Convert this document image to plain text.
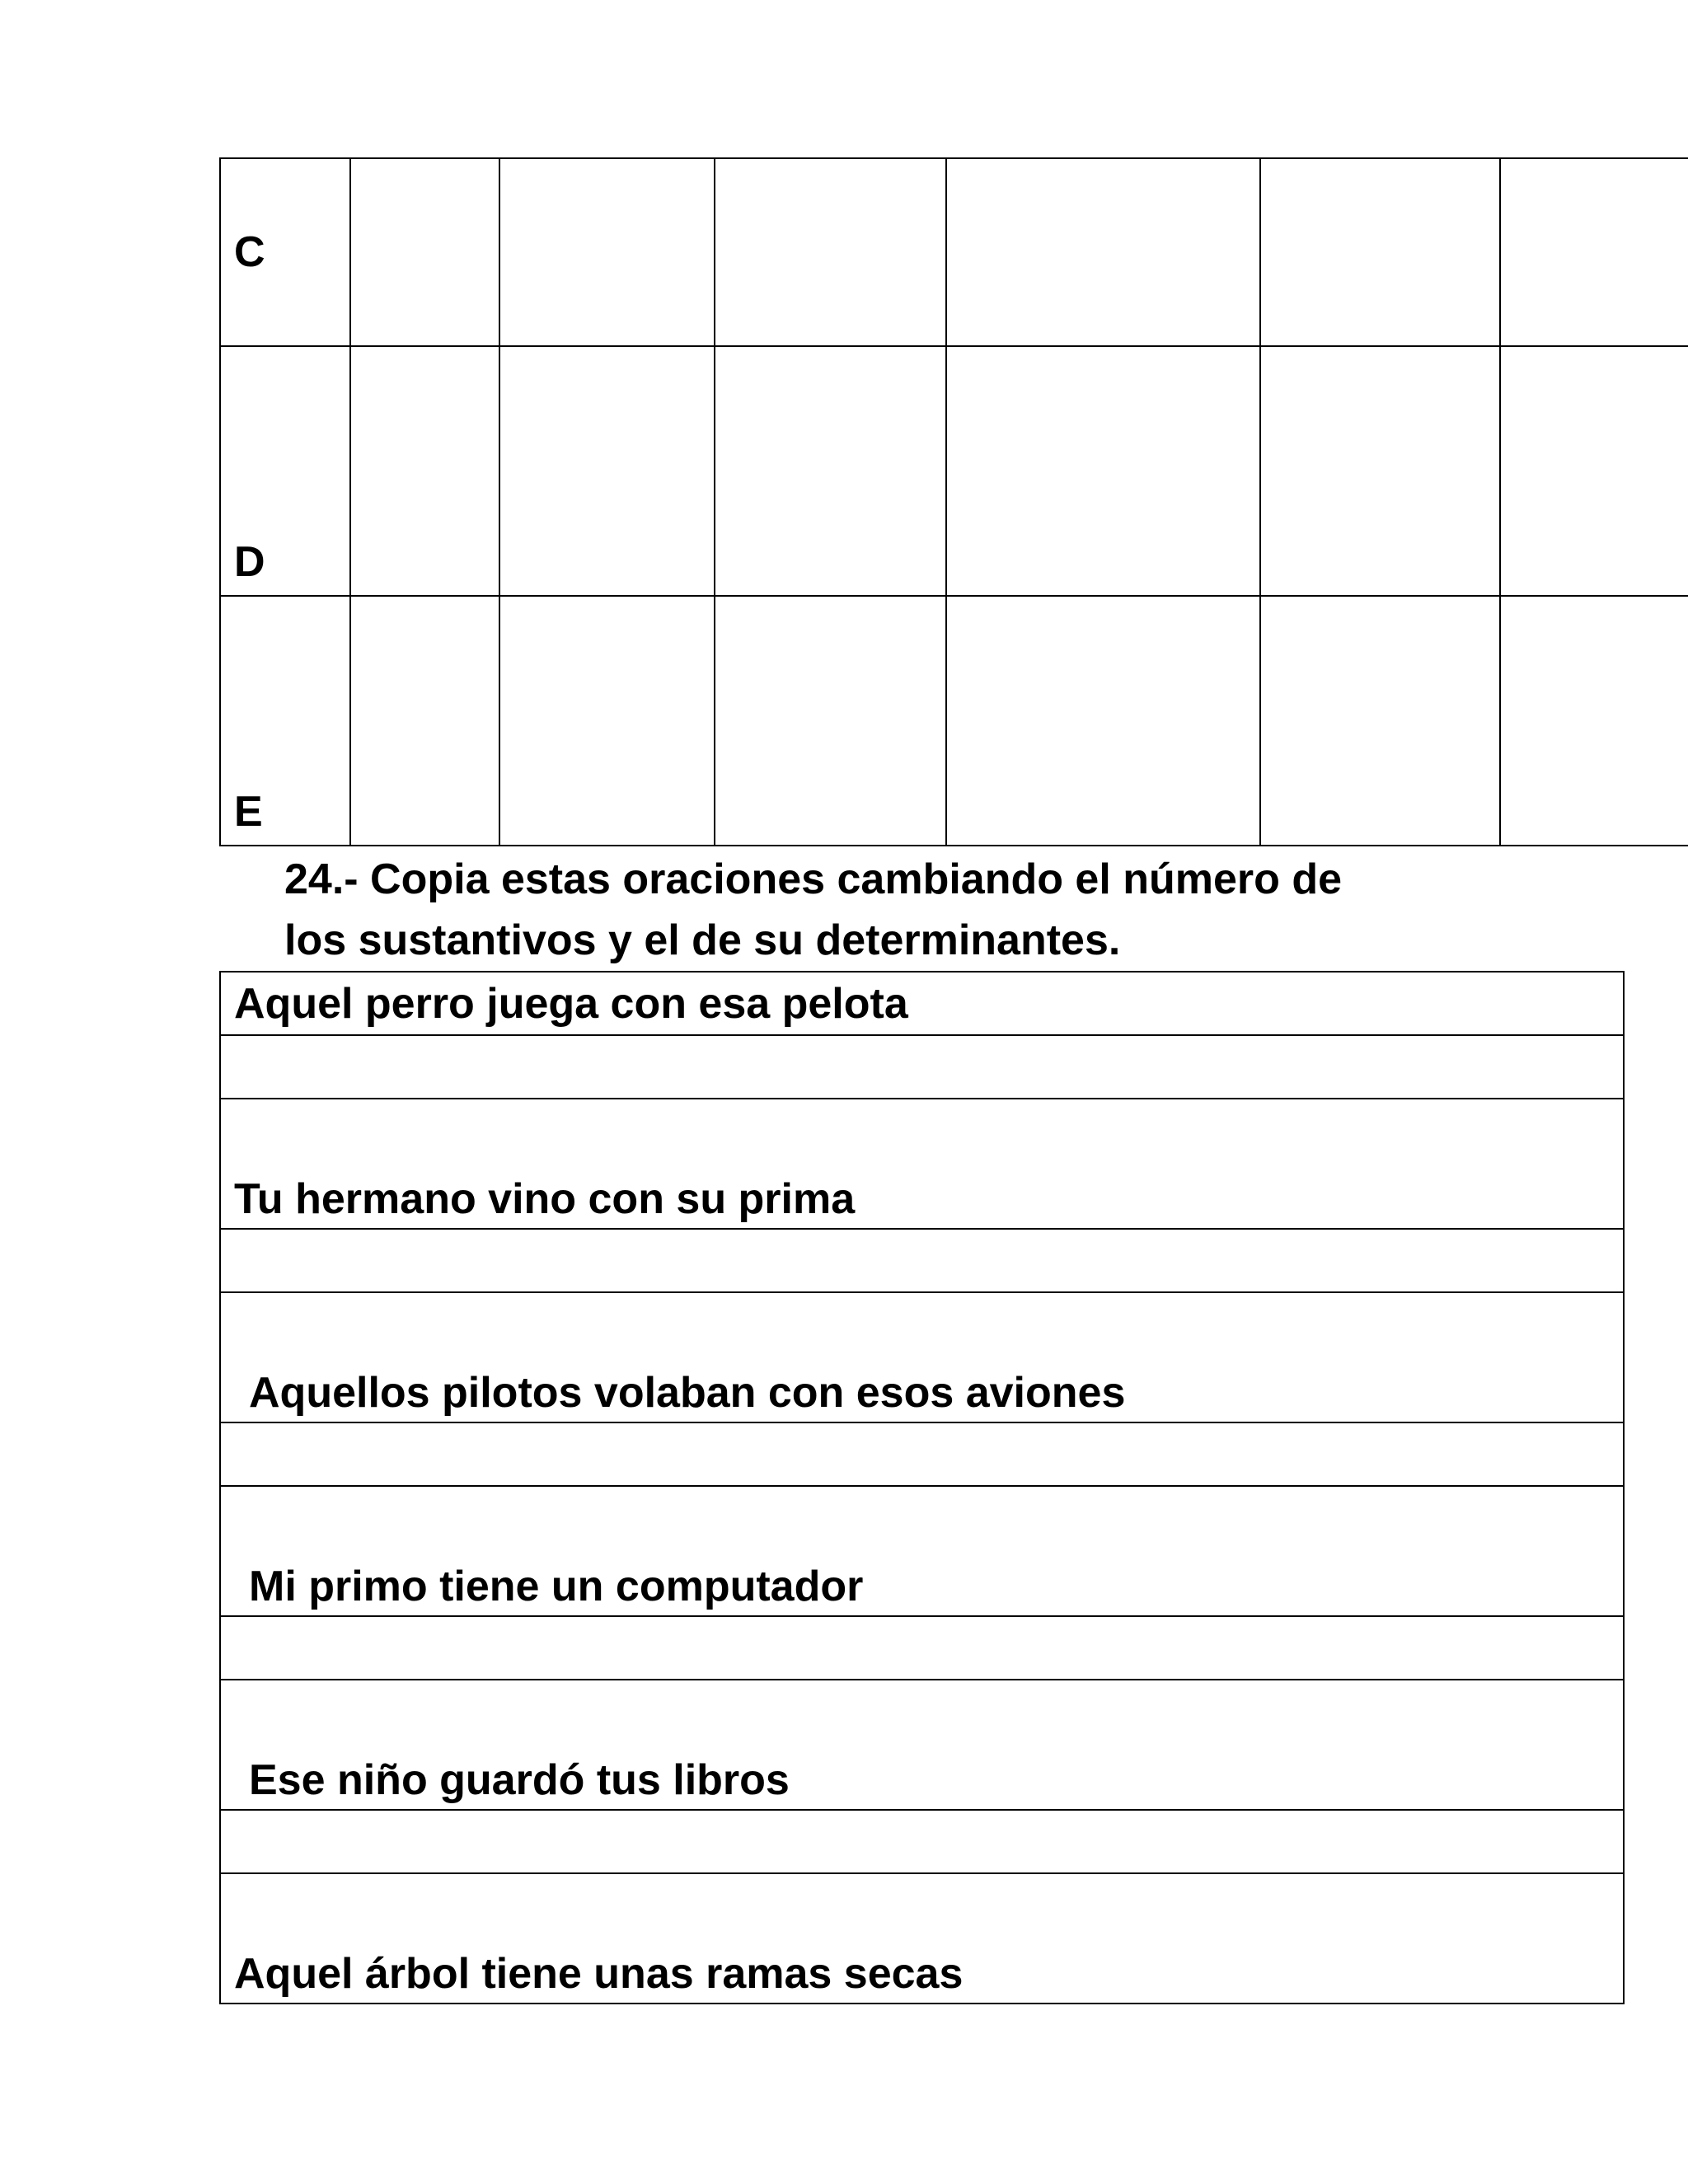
C						
D						
E						
24.- Copia estas oraciones cambiando el número de
los sustantivos y el de su determinantes.
Aquel perro juega con esa pelota

Tu hermano vino con su prima

Aquellos pilotos volaban con esos aviones

Mi primo tiene un computador

Ese niño guardó tus libros

Aquel árbol tiene unas ramas secas
